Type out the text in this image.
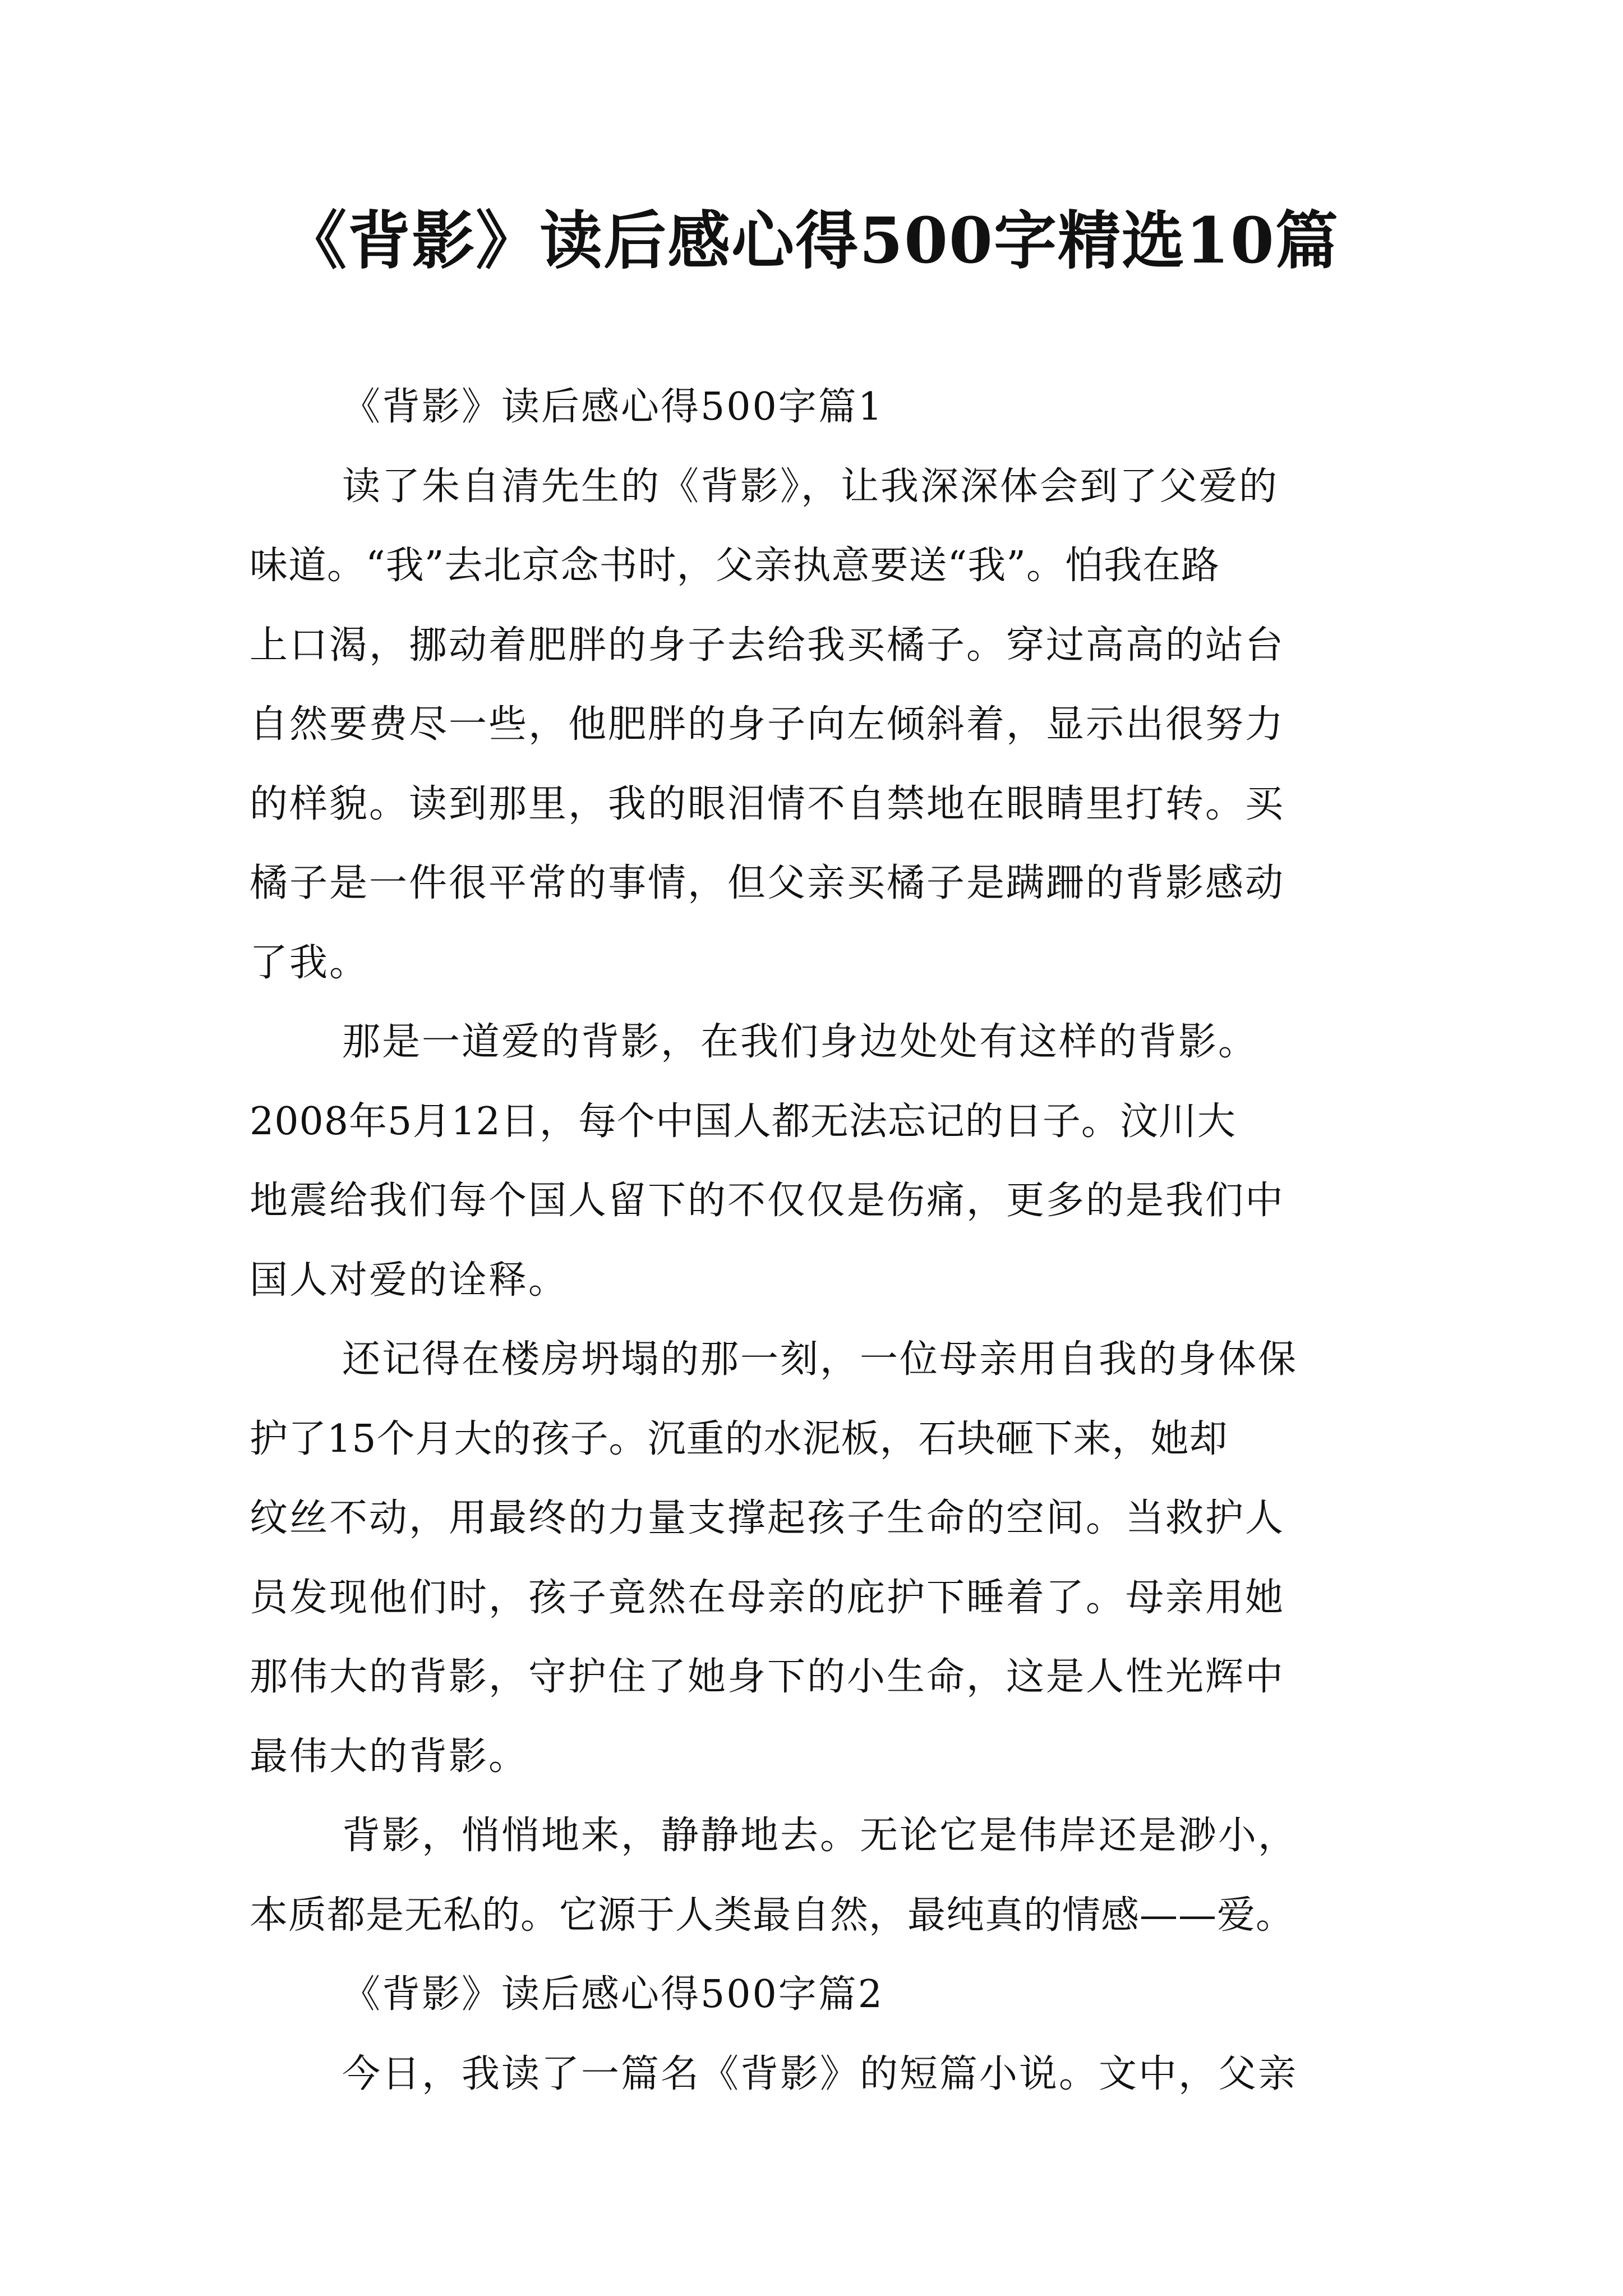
《背影》读后感心得500字精选10篇

《背影》读后感心得500字篇1

读了朱自清先生的《背影》，让我深深体会到了父爱的

味道。“我”去北京念书时，父亲执意要送“我”。怕我在路

上口渴，挪动着肥胖的身子去给我买橘子。穿过高高的站台

自然要费尽一些，他肥胖的身子向左倾斜着，显示出很努力

的样貌。读到那里，我的眼泪情不自禁地在眼睛里打转。买

橘子是一件很平常的事情，但父亲买橘子是蹒跚的背影感动

了我。

那是一道爱的背影，在我们身边处处有这样的背影。

2008年5月12日，每个中国人都无法忘记的日子。汶川大

地震给我们每个国人留下的不仅仅是伤痛，更多的是我们中

国人对爱的诠释。

还记得在楼房坍塌的那一刻，一位母亲用自我的身体保

护了15个月大的孩子。沉重的水泥板，石块砸下来，她却

纹丝不动，用最终的力量支撑起孩子生命的空间。当救护人

员发现他们时，孩子竟然在母亲的庇护下睡着了。母亲用她

那伟大的背影，守护住了她身下的小生命，这是人性光辉中

最伟大的背影。

背影，悄悄地来，静静地去。无论它是伟岸还是渺小，

本质都是无私的。它源于人类最自然，最纯真的情感——爱。

《背影》读后感心得500字篇2

今日，我读了一篇名《背影》的短篇小说。文中，父亲
